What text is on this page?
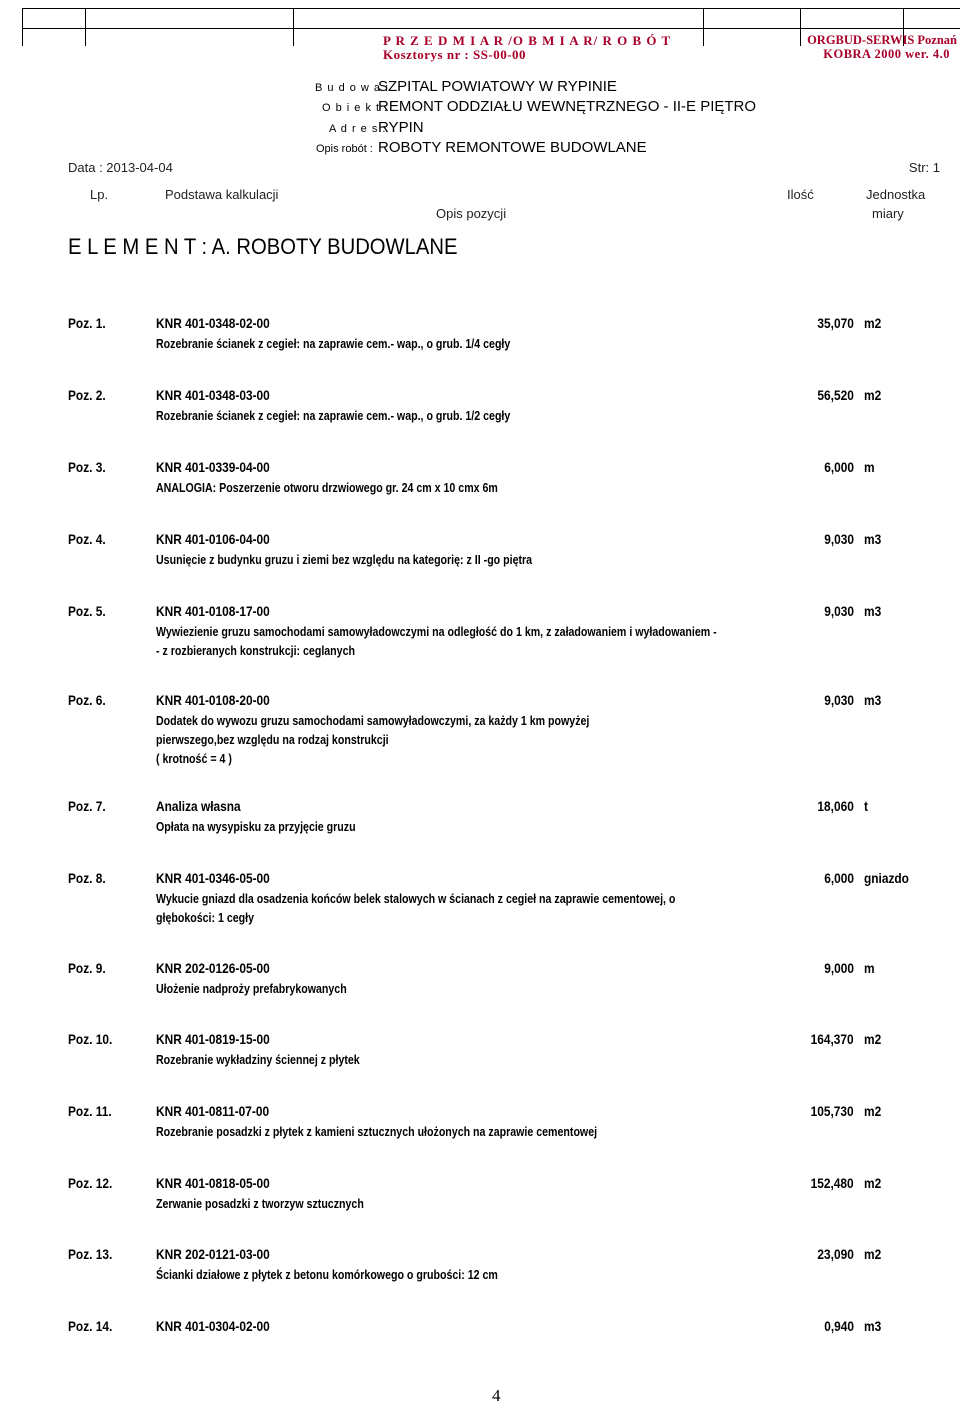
P R Z E D M I A R /O B M I A R/ R O B Ó T
Kosztorys nr : SS-00-00
ORGBUD-SERWIS Poznań
KOBRA 2000 wer. 4.0
B u d o w a :
SZPITAL POWIATOWY W RYPINIE
O b i e k t :
REMONT ODDZIAŁU WEWNĘTRZNEGO - II-E PIĘTRO
A d r e s :
RYPIN
Opis robót : ROBOTY REMONTOWE BUDOWLANE
Data : 2013-04-04	Str: 1
Lp.	Podstawa kalkulacji
Opis pozycji
Ilość	Jednostka
miary
E L E M E N T : A. ROBOTY BUDOWLANE
Poz. 1.	KNR 401-0348-02-00	35,070 m2
Rozebranie ścianek z cegieł: na zaprawie cem.- wap., o grub. 1/4 cegły
Poz. 2.	KNR 401-0348-03-00	56,520 m2
Rozebranie ścianek z cegieł: na zaprawie cem.- wap., o grub. 1/2 cegły
Poz. 3.	KNR 401-0339-04-00	6,000 m
ANALOGIA: Poszerzenie otworu drzwiowego gr. 24 cm x 10 cmx 6m
Poz. 4.	KNR 401-0106-04-00	9,030 m3
Usunięcie z budynku gruzu i ziemi bez względu na kategorię: z II -go piętra
Poz. 5.	KNR 401-0108-17-00	9,030 m3
Wywiezienie gruzu samochodami samowyładowczymi na odległość do 1 km, z załadowaniem i wyładowaniem -
- z rozbieranych konstrukcji: ceglanych
Poz. 6.	KNR 401-0108-20-00	9,030 m3
Dodatek do wywozu gruzu samochodami samowyładowczymi, za każdy 1 km powyżej
pierwszego,bez względu na rodzaj konstrukcji
( krotność = 4 )
Poz. 7.	Analiza własna	18,060 t
Opłata na wysypisku za przyjęcie gruzu
Poz. 8.	KNR 401-0346-05-00	6,000 gniazdo
Wykucie gniazd dla osadzenia końców belek stalowych w ścianach z cegieł na zaprawie cementowej, o
głębokości: 1 cegły
Poz. 9.	KNR 202-0126-05-00	9,000 m
Ułożenie nadproży prefabrykowanych
Poz. 10.	KNR 401-0819-15-00	164,370 m2
Rozebranie wykładziny ściennej z płytek
Poz. 11.	KNR 401-0811-07-00	105,730 m2
Rozebranie posadzki z płytek z kamieni sztucznych ułożonych na zaprawie cementowej
Poz. 12.	KNR 401-0818-05-00	152,480 m2
Zerwanie posadzki z tworzyw sztucznych
Poz. 13.	KNR 202-0121-03-00	23,090 m2
Ścianki działowe z płytek z betonu komórkowego o grubości: 12 cm
Poz. 14.	KNR 401-0304-02-00	0,940 m3
4
